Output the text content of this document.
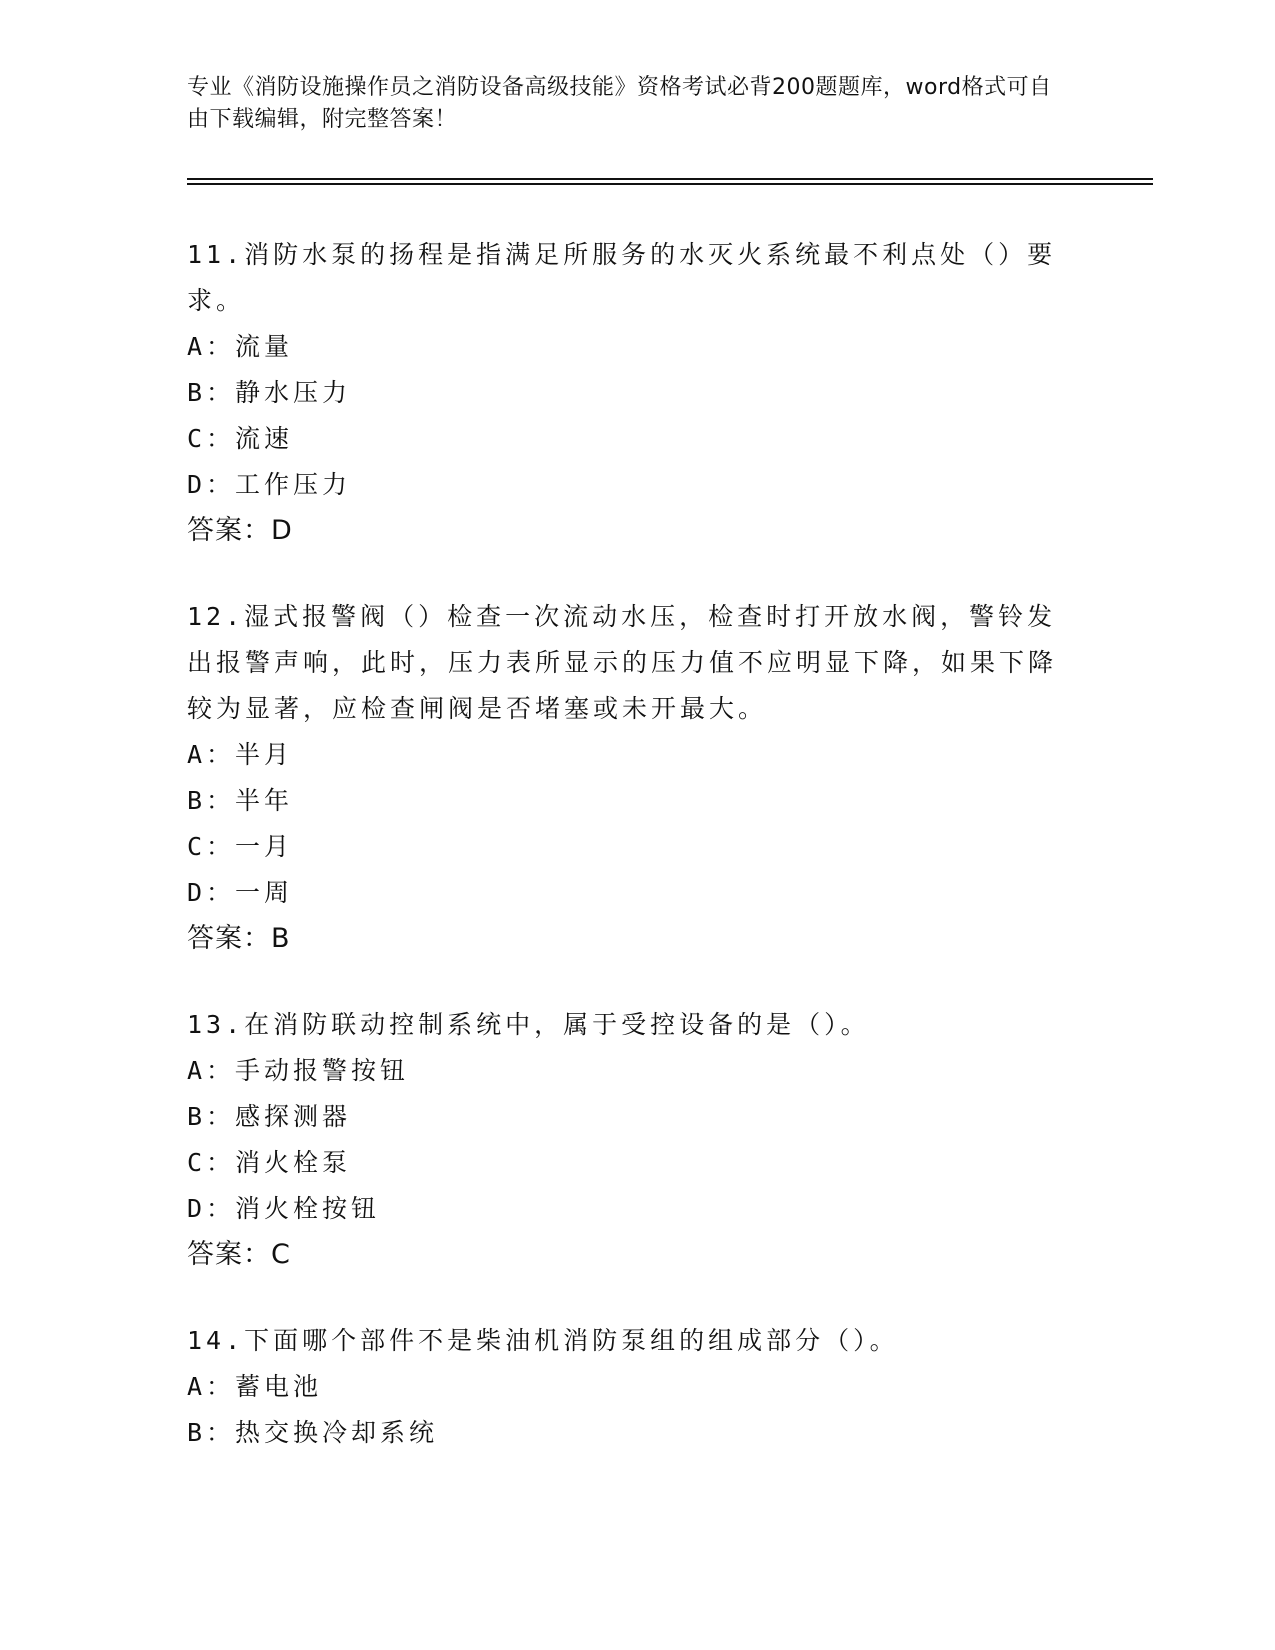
专业《消防设施操作员之消防设备高级技能》资格考试必背200题题库，word格式可自由下载编辑，附完整答案！
11.消防水泵的扬程是指满足所服务的水灭火系统最不利点处（）要求。
A：流量
B：静水压力
C：流速
D：工作压力
答案：D
12.湿式报警阀（）检查一次流动水压，检查时打开放水阀，警铃发出报警声响，此时，压力表所显示的压力值不应明显下降，如果下降较为显著，应检查闸阀是否堵塞或未开最大。
A：半月
B：半年
C：一月
D：一周
答案：B
13.在消防联动控制系统中，属于受控设备的是（）。
A：手动报警按钮
B：感探测器
C：消火栓泵
D：消火栓按钮
答案：C
14.下面哪个部件不是柴油机消防泵组的组成部分（）。
A：蓄电池
B：热交换冷却系统
